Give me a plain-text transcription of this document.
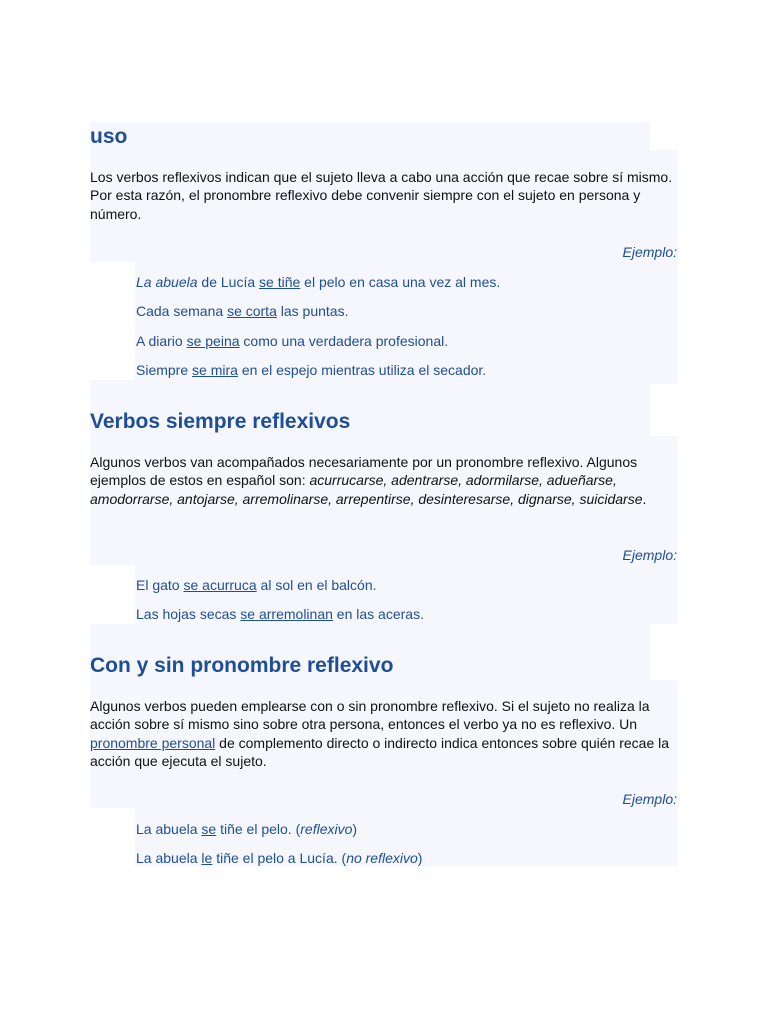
uso
Los verbos reflexivos indican que el sujeto lleva a cabo una acción que recae sobre sí mismo. Por esta razón, el pronombre reflexivo debe convenir siempre con el sujeto en persona y número.
Ejemplo:
La abuela de Lucía se tiñe el pelo en casa una vez al mes.
Cada semana se corta las puntas.
A diario se peina como una verdadera profesional.
Siempre se mira en el espejo mientras utiliza el secador.
Verbos siempre reflexivos
Algunos verbos van acompañados necesariamente por un pronombre reflexivo. Algunos ejemplos de estos en español son: acurrucarse, adentrarse, adormilarse, adueñarse, amodorrarse, antojarse, arremolinarse, arrepentirse, desinteresarse, dignarse, suicidarse.
Ejemplo:
El gato se acurruca al sol en el balcón.
Las hojas secas se arremolinan en las aceras.
Con y sin pronombre reflexivo
Algunos verbos pueden emplearse con o sin pronombre reflexivo. Si el sujeto no realiza la acción sobre sí mismo sino sobre otra persona, entonces el verbo ya no es reflexivo. Un pronombre personal de complemento directo o indirecto indica entonces sobre quién recae la acción que ejecuta el sujeto.
Ejemplo:
La abuela se tiñe el pelo. (reflexivo)
La abuela le tiñe el pelo a Lucía. (no reflexivo)
